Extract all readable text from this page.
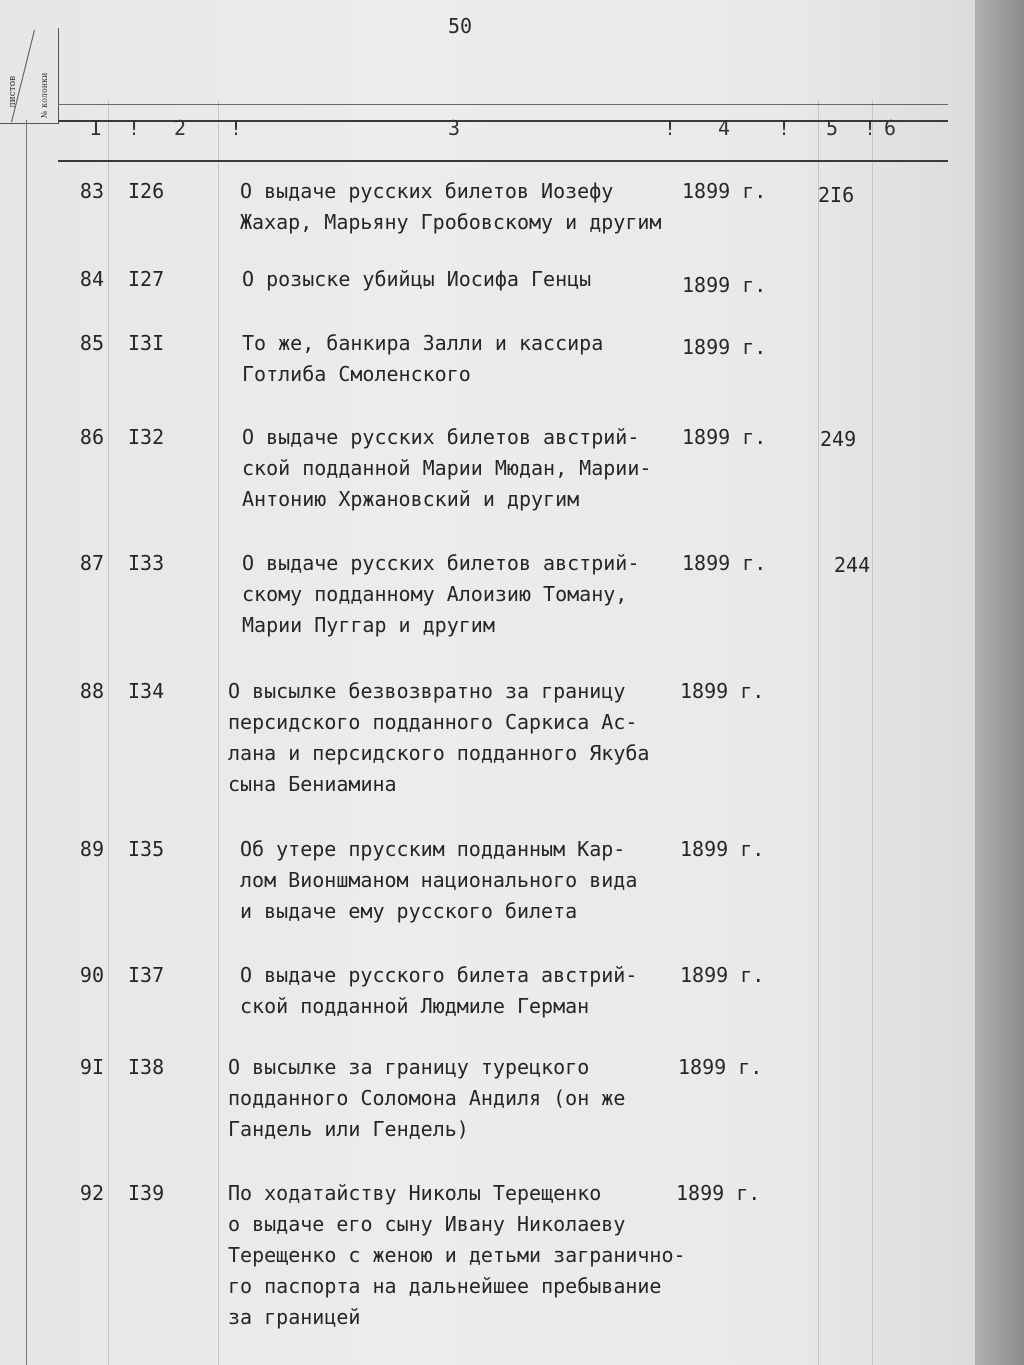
50
листов	№ колонки
I ! 2 !	3	! 4 ! 5 ! 6
83 I26	О выдаче русских билетов Иозефу
Жахар, Марьяну Гробовскому и другим
1899 г.	2I6
84 I27	О розыске убийцы Иосифа Генцы	1899 г.
85 I3I	То же, банкира Залли и кассира
Готлиба Смоленского
1899 г.
86 I32	О выдаче русских билетов австрий-
ской подданной Марии Мюдан, Марии-
Антонию Хржановский и другим
1899 г.	249
87 I33	О выдаче русских билетов австрий-
скому подданному Алоизию Томану,
Марии Пуггар и другим
1899 г.	244
88 I34	О высылке безвозвратно за границу
персидского подданного Саркиса Ас-
лана и персидского подданного Якуба
сына Бениамина
1899 г.
89 I35	Об утере прусским подданным Кар-
лом Вионшманом национального вида
и выдаче ему русского билета
1899 г.
90 I37	О выдаче русского билета австрий-
ской подданной Людмиле Герман
1899 г.
9I I38	О высылке за границу турецкого
подданного Соломона Андиля (он же
Гандель или Гендель)
1899 г.
92 I39	По ходатайству Николы Терещенко
о выдаче его сыну Ивану Николаеву
Терещенко с женою и детьми загранично-
го паспорта на дальнейшее пребывание
за границей
1899 г.
